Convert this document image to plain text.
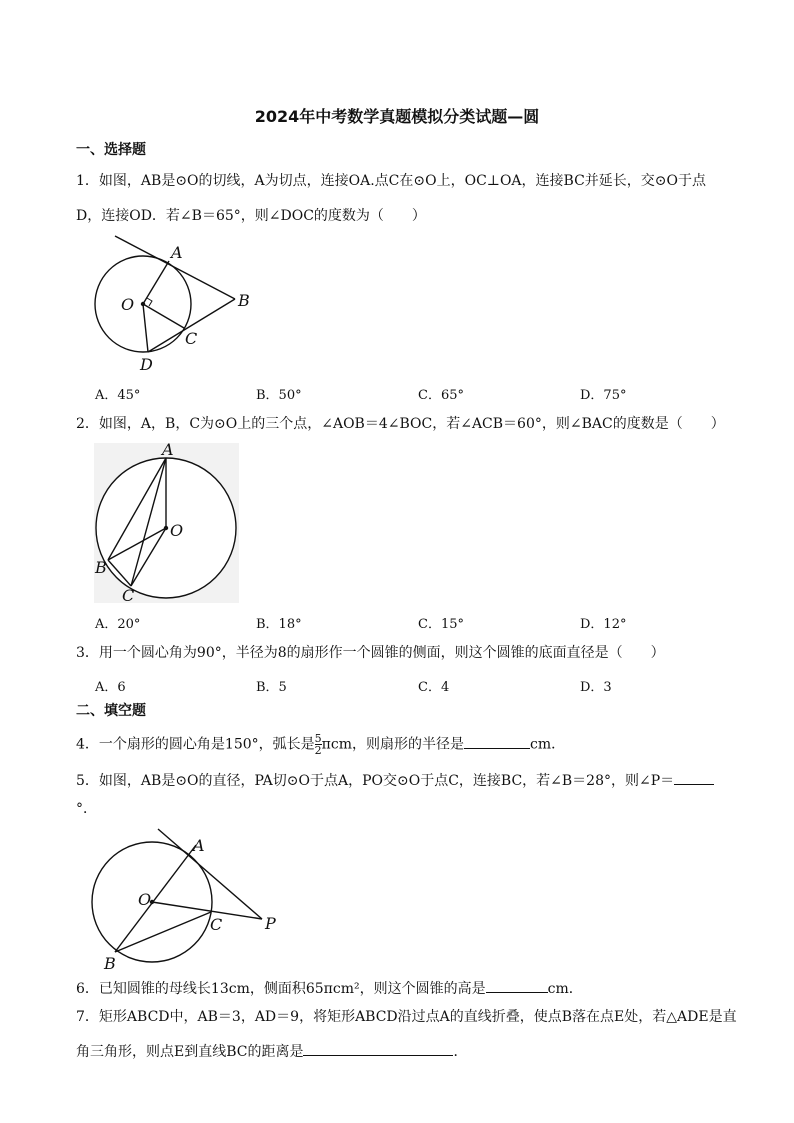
2024年中考数学真题模拟分类试题—圆
一、选择题
1．如图，AB是⊙O的切线，A为切点，连接OA.点C在⊙O上，OC⊥OA，连接BC并延长，交⊙O于点
D，连接OD．若∠B＝65°，则∠DOC的度数为（　　）
A
B
O
C
D
A．45°	B．50°	C．65°	D．75°
2．如图，A，B，C为⊙O上的三个点，∠AOB＝4∠BOC，若∠ACB＝60°，则∠BAC的度数是（　　）
A
O
B
C
A．20°	B．18°	C．15°	D．12°
3．用一个圆心角为90°，半径为8的扇形作一个圆锥的侧面，则这个圆锥的底面直径是（　　）
A．6	B．5	C．4	D．3
二、填空题
4．一个扇形的圆心角是150°，弧长是 $\frac{5}{2}$ πcm，则扇形的半径是	cm．
5．如图，AB是⊙O的直径，PA切⊙O于点A，PO交⊙O于点C，连接BC，若∠B＝28°，则∠P＝
°．
A
O
C	P
B
6．已知圆锥的母线长13cm，侧面积65πcm²，则这个圆锥的高是	cm．
7．矩形ABCD中，AB＝3，AD＝9，将矩形ABCD沿过点A的直线折叠，使点B落在点E处，若△ADE是直
角三角形，则点E到直线BC的距离是	．
